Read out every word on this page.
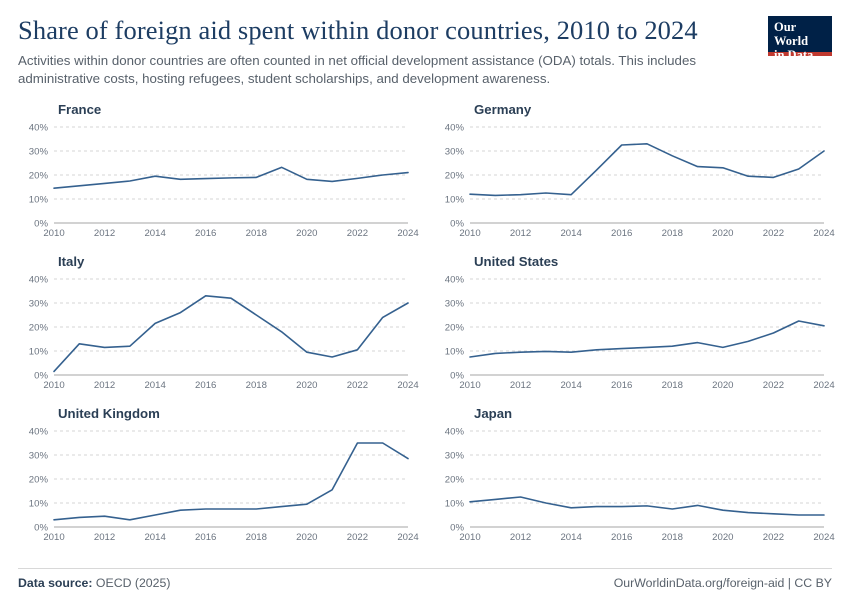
Share of foreign aid spent within donor countries, 2010 to 2024

Activities within donor countries are often counted in net official development assistance (ODA) totals. This includes administrative costs, hosting refugees, student scholarships, and development awareness.

Our World
in Data
France
0%
10%
20%
30%
40%
2010	2012	2014	2016	2018	2020	2022	2024
Germany
0%
10%
20%
30%
40%
2010	2012	2014	2016	2018	2020	2022	2024
Italy
0%
10%
20%
30%
40%
2010	2012	2014	2016	2018	2020	2022	2024
United States
0%
10%
20%
30%
40%
2010	2012	2014	2016	2018	2020	2022	2024
United Kingdom
0%
10%
20%
30%
40%
2010	2012	2014	2016	2018	2020	2022	2024
Japan
0%
10%
20%
30%
40%
2010	2012	2014	2016	2018	2020	2022	2024
Data source: OECD (2025)	OurWorldinData.org/foreign-aid | CC BY
